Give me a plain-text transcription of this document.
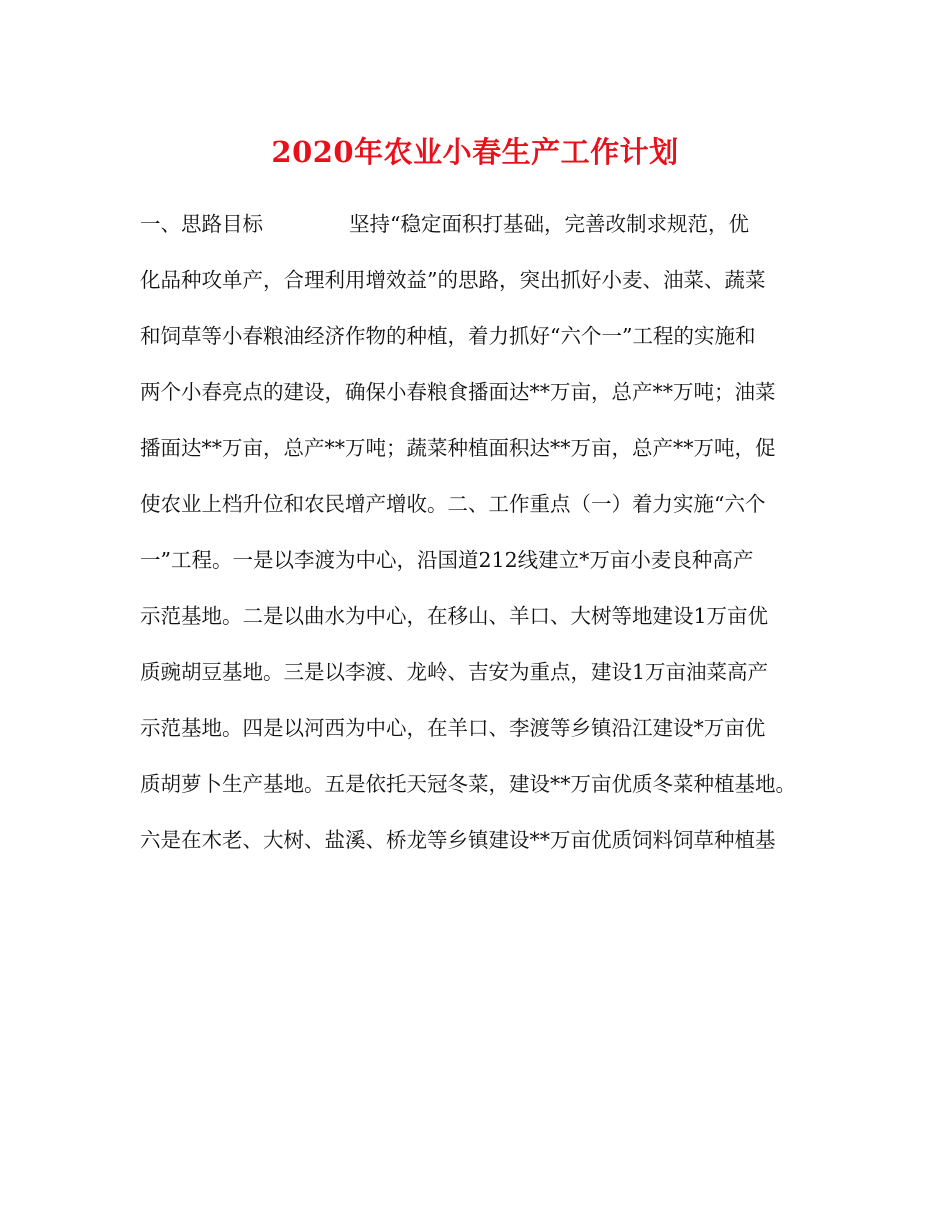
2020年农业小春生产工作计划
一、思路目标	坚持“稳定面积打基础，完善改制求规范，优
化品种攻单产，合理利用增效益”的思路，突出抓好小麦、油菜、蔬菜
和饲草等小春粮油经济作物的种植，着力抓好“六个一”工程的实施和
两个小春亮点的建设，确保小春粮食播面达**万亩，总产**万吨；油菜
播面达**万亩，总产**万吨；蔬菜种植面积达**万亩，总产**万吨，促
使农业上档升位和农民增产增收。二、工作重点（一）着力实施“六个
一”工程。一是以李渡为中心，沿国道212线建立*万亩小麦良种高产
示范基地。二是以曲水为中心，在移山、羊口、大树等地建设1万亩优
质豌胡豆基地。三是以李渡、龙岭、吉安为重点，建设1万亩油菜高产
示范基地。四是以河西为中心，在羊口、李渡等乡镇沿江建设*万亩优
质胡萝卜生产基地。五是依托天冠冬菜，建设**万亩优质冬菜种植基地。
六是在木老、大树、盐溪、桥龙等乡镇建设**万亩优质饲料饲草种植基
